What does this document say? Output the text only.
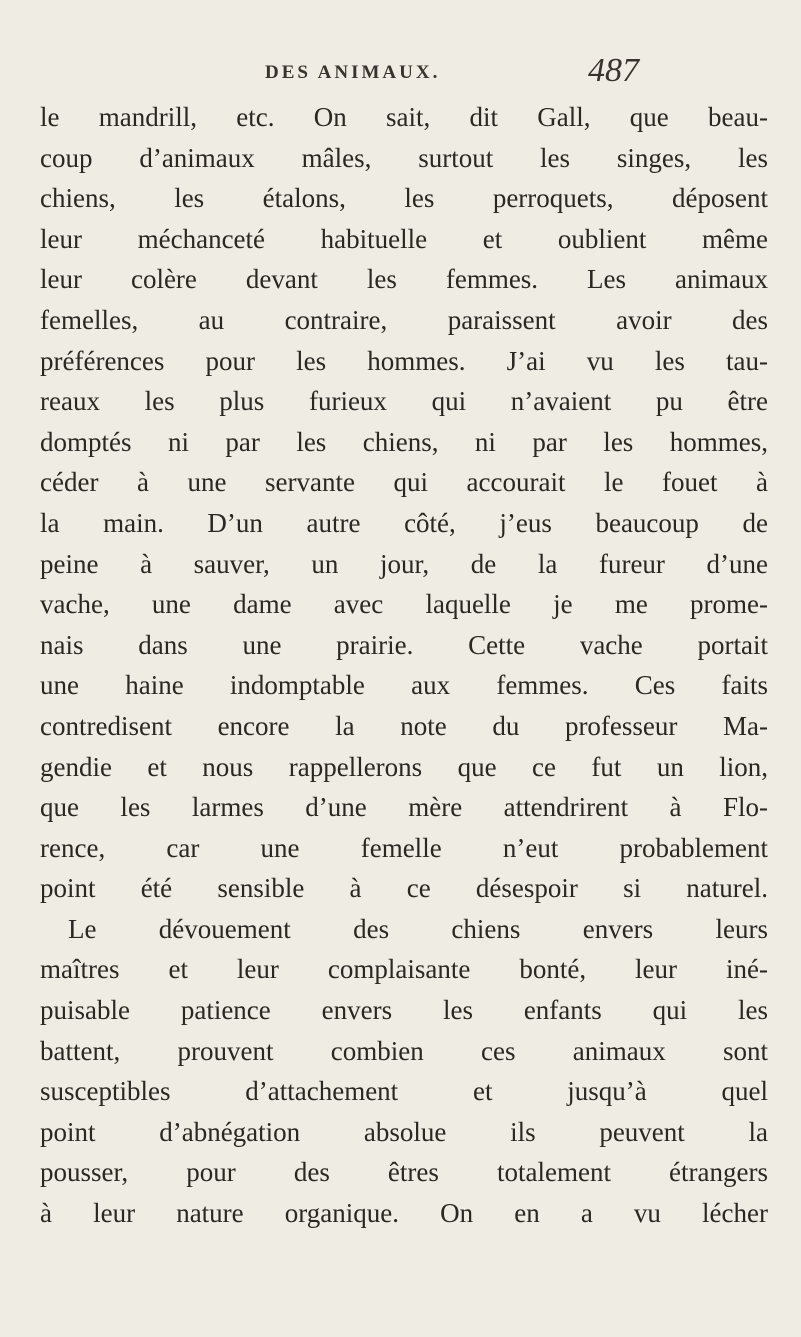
DES ANIMAUX.	487
le mandrill, etc. On sait, dit Gall, que beau-
coup d’animaux mâles, surtout les singes, les
chiens, les étalons, les perroquets, déposent
leur méchanceté habituelle et oublient même
leur colère devant les femmes. Les animaux
femelles, au contraire, paraissent avoir des
préférences pour les hommes. J’ai vu les tau-
reaux les plus furieux qui n’avaient pu être
domptés ni par les chiens, ni par les hommes,
céder à une servante qui accourait le fouet à
la main. D’un autre côté, j’eus beaucoup de
peine à sauver, un jour, de la fureur d’une
vache, une dame avec laquelle je me prome-
nais dans une prairie. Cette vache portait
une haine indomptable aux femmes. Ces faits
contredisent encore la note du professeur Ma-
gendie et nous rappellerons que ce fut un lion,
que les larmes d’une mère attendrirent à Flo-
rence, car une femelle n’eut probablement
point été sensible à ce désespoir si naturel.
Le dévouement des chiens envers leurs
maîtres et leur complaisante bonté, leur iné-
puisable patience envers les enfants qui les
battent, prouvent combien ces animaux sont
susceptibles d’attachement et jusqu’à quel
point d’abnégation absolue ils peuvent la
pousser, pour des êtres totalement étrangers
à leur nature organique. On en a vu lécher
